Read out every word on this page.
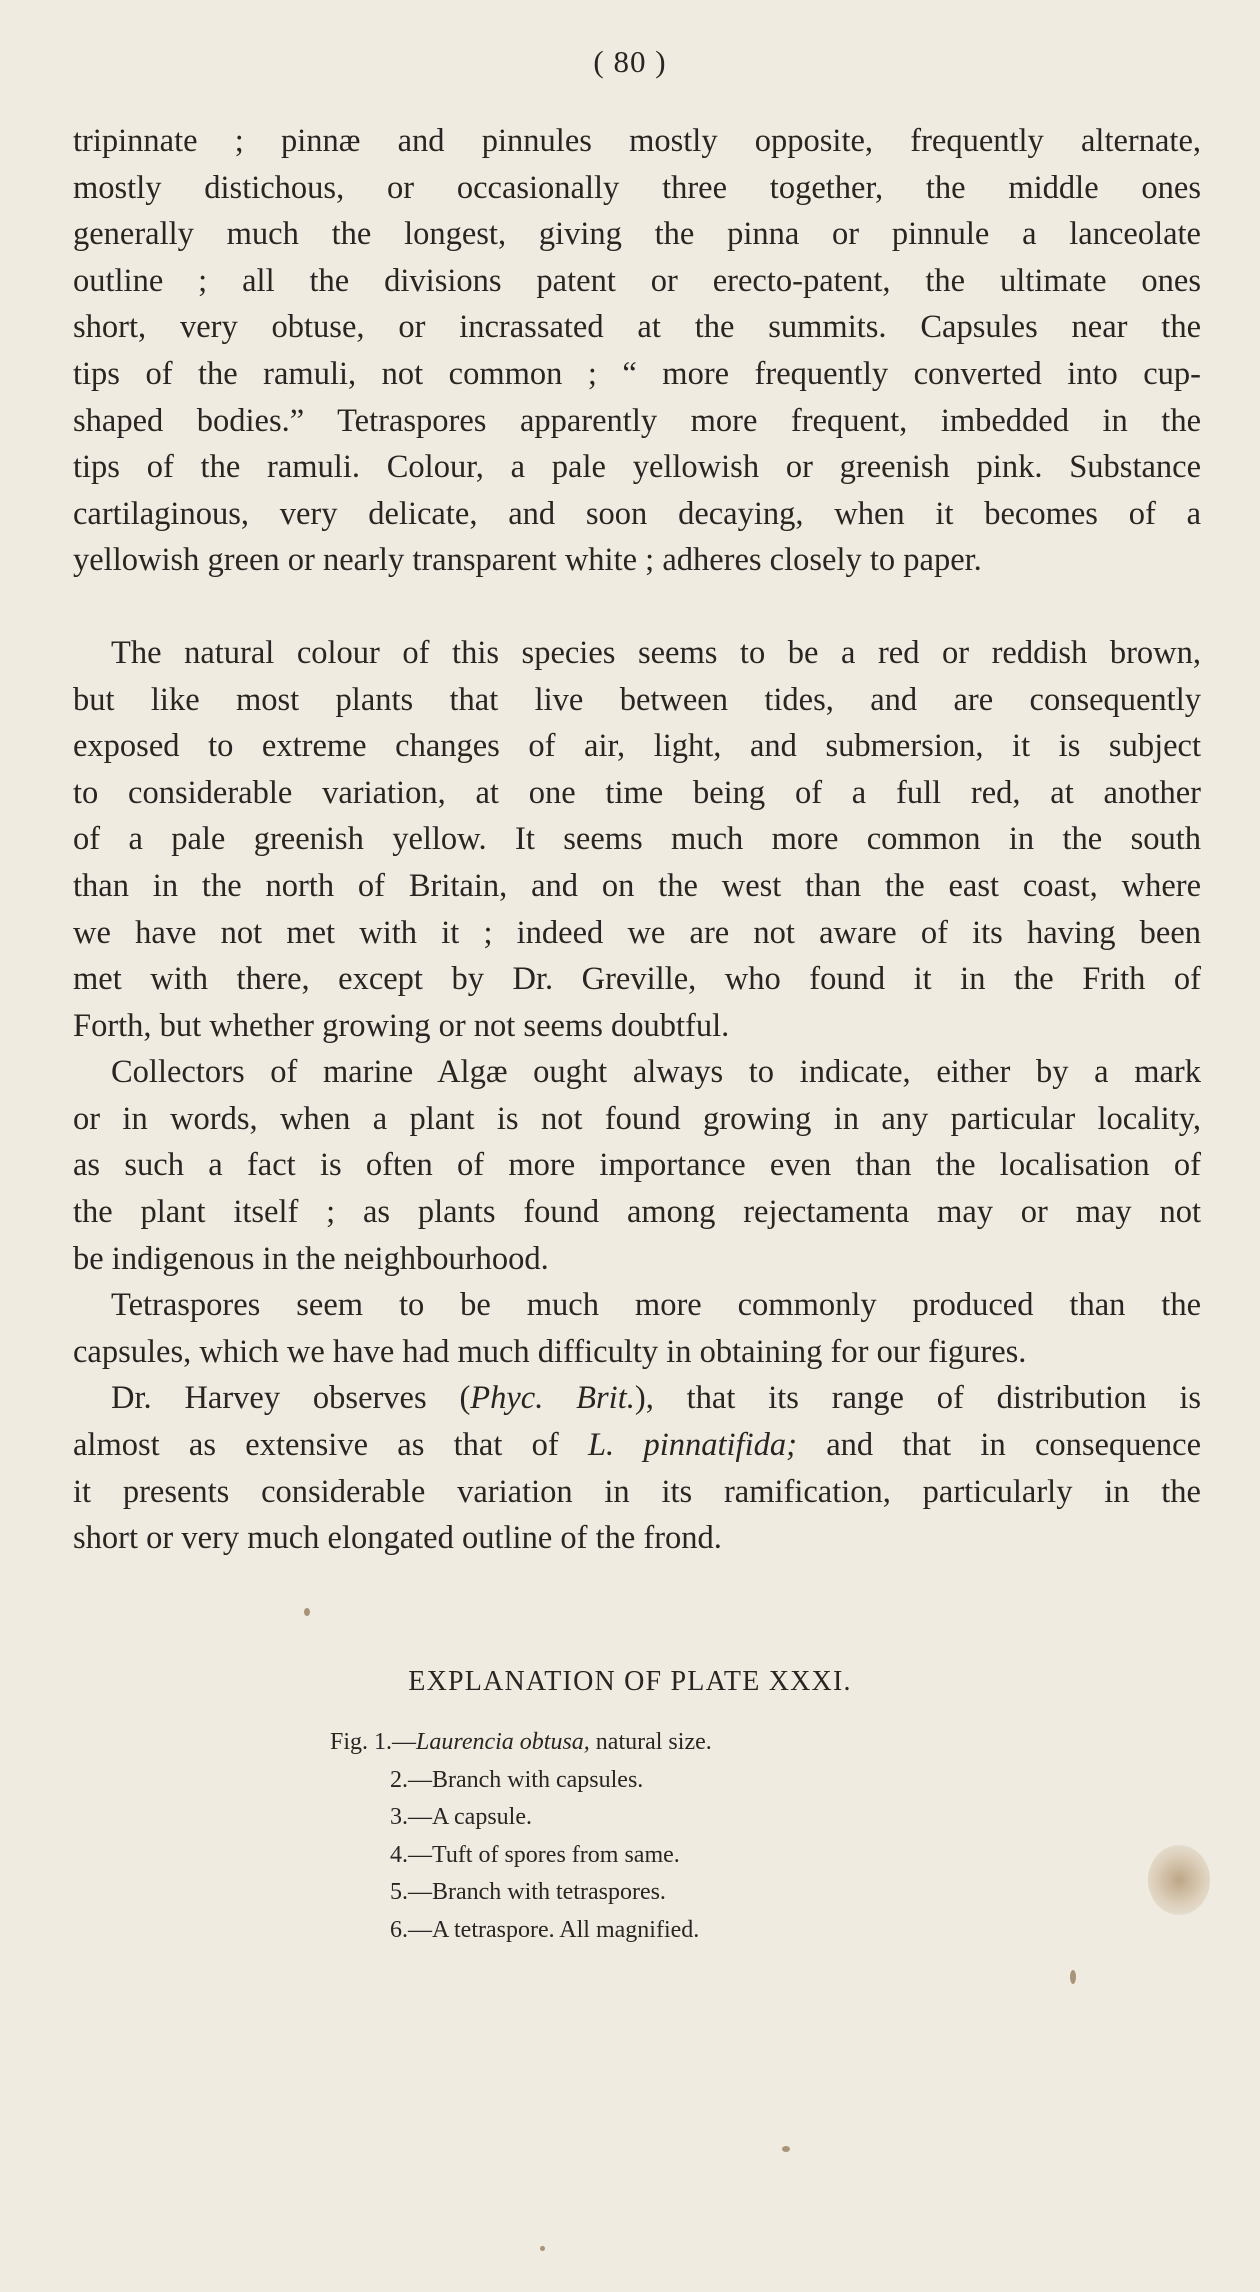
( 80 )
tripinnate ; pinnæ and pinnules mostly opposite, frequently alternate,
mostly distichous, or occasionally three together, the middle ones
generally much the longest, giving the pinna or pinnule a lanceolate
outline ; all the divisions patent or erecto-patent, the ultimate ones
short, very obtuse, or incrassated at the summits. Capsules near the
tips of the ramuli, not common ; “ more frequently converted into cup-
shaped bodies.” Tetraspores apparently more frequent, imbedded in the
tips of the ramuli. Colour, a pale yellowish or greenish pink. Substance
cartilaginous, very delicate, and soon decaying, when it becomes of a
yellowish green or nearly transparent white ; adheres closely to paper.
The natural colour of this species seems to be a red or reddish brown,
but like most plants that live between tides, and are consequently
exposed to extreme changes of air, light, and submersion, it is subject
to considerable variation, at one time being of a full red, at another
of a pale greenish yellow. It seems much more common in the south
than in the north of Britain, and on the west than the east coast, where
we have not met with it ; indeed we are not aware of its having been
met with there, except by Dr. Greville, who found it in the Frith of
Forth, but whether growing or not seems doubtful.
Collectors of marine Algæ ought always to indicate, either by a mark
or in words, when a plant is not found growing in any particular locality,
as such a fact is often of more importance even than the localisation of
the plant itself ; as plants found among rejectamenta may or may not
be indigenous in the neighbourhood.
Tetraspores seem to be much more commonly produced than the
capsules, which we have had much difficulty in obtaining for our figures.
Dr. Harvey observes (Phyc. Brit.), that its range of distribution is
almost as extensive as that of L. pinnatifida; and that in consequence
it presents considerable variation in its ramification, particularly in the
short or very much elongated outline of the frond.
EXPLANATION OF PLATE XXXI.
Fig. 1.—Laurencia obtusa, natural size.
2.—Branch with capsules.
3.—A capsule.
4.—Tuft of spores from same.
5.—Branch with tetraspores.
6.—A tetraspore. All magnified.
